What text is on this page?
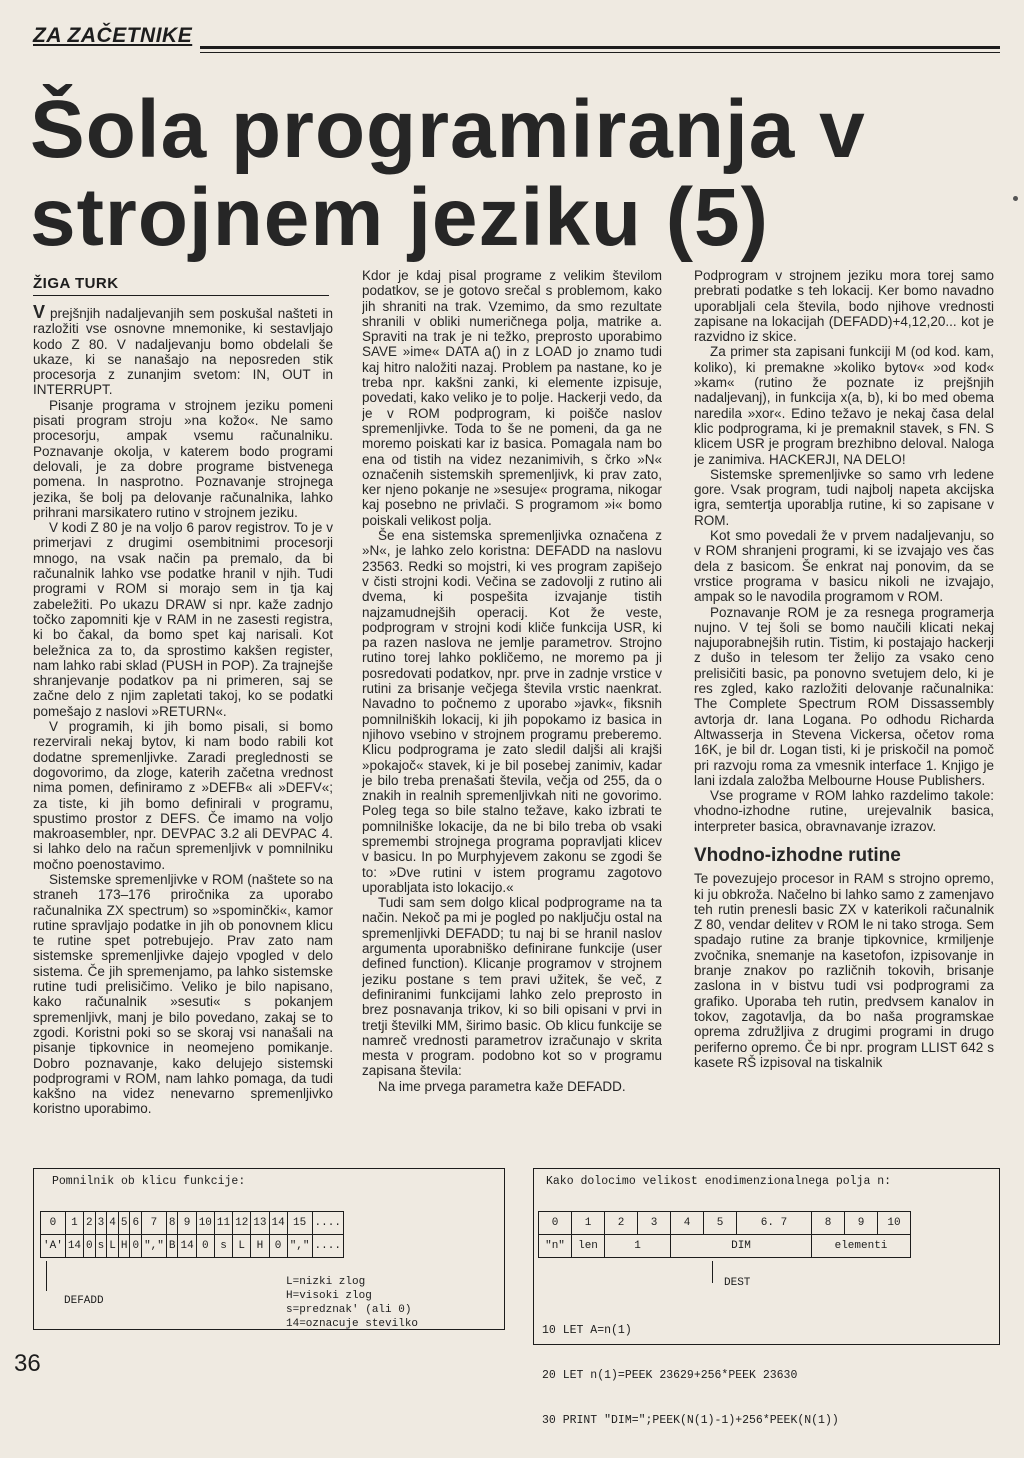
ZA ZAČETNIKE
Šola programiranja v
strojnem jeziku (5)
ŽIGA TURK

V prejšnjih nadaljevanjih sem poskušal našteti in razložiti vse osnovne mnemonike, ki sestavljajo kodo Z 80. V nadaljevanju bomo obdelali še ukaze, ki se nanašajo na neposreden stik procesorja z zunanjim svetom: IN, OUT in INTERRUPT.

Pisanje programa v strojnem jeziku pomeni pisati program stroju »na kožo«. Ne samo procesorju, ampak vsemu računalniku. Poznavanje okolja, v katerem bodo programi delovali, je za dobre programe bistvenega pomena. In nasprotno. Poznavanje strojnega jezika, še bolj pa delovanje računalnika, lahko prihrani marsikatero rutino v strojnem jeziku.

V kodi Z 80 je na voljo 6 parov registrov. To je v primerjavi z drugimi osembitnimi procesorji mnogo, na vsak način pa premalo, da bi računalnik lahko vse podatke hranil v njih. Tudi programi v ROM si morajo sem in tja kaj zabeležiti. Po ukazu DRAW si npr. kaže zadnjo točko zapomniti kje v RAM in ne zasesti registra, ki bo čakal, da bomo spet kaj narisali. Kot beležnica za to, da sprostimo kakšen register, nam lahko rabi sklad (PUSH in POP). Za trajnejše shranjevanje podatkov pa ni primeren, saj se začne delo z njim zapletati takoj, ko se podatki pomešajo z naslovi »RETURN«.

V programih, ki jih bomo pisali, si bomo rezervirali nekaj bytov, ki nam bodo rabili kot dodatne spremenljivke. Zaradi preglednosti se dogovorimo, da zloge, katerih začetna vrednost nima pomen, definiramo z »DEFB« ali »DEFV«; za tiste, ki jih bomo definirali v programu, spustimo prostor z DEFS. Če imamo na voljo makroasembler, npr. DEVPAC 3.2 ali DEVPAC 4. si lahko delo na račun spremenljivk v pomnilniku močno poenostavimo.

Sistemske spremenljivke v ROM (naštete so na straneh 173–176 priročnika za uporabo računalnika ZX spectrum) so »spominčki«, kamor rutine spravljajo podatke in jih ob ponovnem klicu te rutine spet potrebujejo. Prav zato nam sistemske spremenljivke dajejo vpogled v delo sistema. Če jih spremenjamo, pa lahko sistemske rutine tudi prelisičimo. Veliko je bilo napisano, kako računalnik »sesuti« s pokanjem spremenljivk, manj je bilo povedano, zakaj se to zgodi. Koristni poki so se skoraj vsi nanašali na pisanje tipkovnice in neomejeno pomikanje. Dobro poznavanje, kako delujejo sistemski podprogrami v ROM, nam lahko pomaga, da tudi kakšno na videz nenevarno spremenljivko koristno uporabimo.

Kdor je kdaj pisal programe z velikim številom podatkov, se je gotovo srečal s problemom, kako jih shraniti na trak. Vzemimo, da smo rezultate shranili v obliki numeričnega polja, matrike a. Spraviti na trak je ni težko, preprosto uporabimo SAVE »ime« DATA a() in z LOAD jo znamo tudi kaj hitro naložiti nazaj. Problem pa nastane, ko je treba npr. kakšni zanki, ki elemente izpisuje, povedati, kako veliko je to polje. Hackerji vedo, da je v ROM podprogram, ki poišče naslov spremenljivke. Toda to še ne pomeni, da ga ne moremo poiskati kar iz basica. Pomagala nam bo ena od tistih na videz nezanimivih, s črko »N« označenih sistemskih spremenljivk, ki prav zato, ker njeno pokanje ne »sesuje« programa, nikogar kaj posebno ne privlači. S programom »i« bomo poiskali velikost polja.

Še ena sistemska spremenljivka označena z »N«, je lahko zelo koristna: DEFADD na naslovu 23563. Redki so mojstri, ki ves program zapišejo v čisti strojni kodi. Večina se zadovolji z rutino ali dvema, ki pospešita izvajanje tistih najzamudnejših operacij. Kot že veste, podprogram v strojni kodi kliče funkcija USR, ki pa razen naslova ne jemlje parametrov. Strojno rutino torej lahko pokličemo, ne moremo pa ji posredovati podatkov, npr. prve in zadnje vrstice v rutini za brisanje večjega števila vrstic naenkrat. Navadno to počnemo z uporabo »javk«, fiksnih pomnilniških lokacij, ki jih popokamo iz basica in njihovo vsebino v strojnem programu preberemo. Klicu podprograma je zato sledil daljši ali krajši »pokajoč« stavek, ki je bil posebej zanimiv, kadar je bilo treba prenašati števila, večja od 255, da o znakih in realnih spremenljivkah niti ne govorimo. Poleg tega so bile stalno težave, kako izbrati te pomnilniške lokacije, da ne bi bilo treba ob vsaki spremembi strojnega programa popravljati klicev v basicu. In po Murphyjevem zakonu se zgodi še to: »Dve rutini v istem programu zagotovo uporabljata isto lokacijo.«

Tudi sam sem dolgo klical podprograme na ta način. Nekoč pa mi je pogled po naključju ostal na spremenljivki DEFADD; tu naj bi se hranil naslov argumenta uporabniško definirane funkcije (user defined function). Klicanje programov v strojnem jeziku postane s tem pravi užitek, še več, z definiranimi funkcijami lahko zelo preprosto in brez posnavanja trikov, ki so bili opisani v prvi in tretji številki MM, širimo basic. Ob klicu funkcije se namreč vrednosti parametrov izračunajo v skrita mesta v program. podobno kot so v programu zapisana števila:

Na ime prvega parametra kaže DEFADD.

Podprogram v strojnem jeziku mora torej samo prebrati podatke s teh lokacij. Ker bomo navadno uporabljali cela števila, bodo njihove vrednosti zapisane na lokacijah (DEFADD)+4,12,20... kot je razvidno iz skice.

Za primer sta zapisani funkciji M (od kod. kam, koliko), ki premakne »koliko bytov« »od kod« »kam« (rutino že poznate iz prejšnjih nadaljevanj), in funkcija x(a, b), ki bo med obema naredila »xor«. Edino težavo je nekaj časa delal klic podprograma, ki je premaknil stavek, s FN. S klicem USR je program brezhibno deloval. Naloga je zanimiva. HACKERJI, NA DELO!

Sistemske spremenljivke so samo vrh ledene gore. Vsak program, tudi najbolj napeta akcijska igra, semtertja uporablja rutine, ki so zapisane v ROM.

Kot smo povedali že v prvem nadaljevanju, so v ROM shranjeni programi, ki se izvajajo ves čas dela z basicom. Še enkrat naj ponovim, da se vrstice programa v basicu nikoli ne izvajajo, ampak so le navodila programom v ROM.

Poznavanje ROM je za resnega programerja nujno. V tej šoli se bomo naučili klicati nekaj najuporabnejših rutin. Tistim, ki postajajo hackerji z dušo in telesom ter želijo za vsako ceno prelisičiti basic, pa ponovno svetujem delo, ki je res zgled, kako razložiti delovanje računalnika: The Complete Spectrum ROM Dissassembly avtorja dr. Iana Logana. Po odhodu Richarda Altwasserja in Stevena Vickersa, očetov roma 16K, je bil dr. Logan tisti, ki je priskočil na pomoč pri razvoju roma za vmesnik interface 1. Knjigo je lani izdala založba Melbourne House Publishers.

Vse programe v ROM lahko razdelimo takole: vhodno-izhodne rutine, urejevalnik basica, interpreter basica, obravnavanje izrazov.

Vhodno-izhodne rutine

Te povezujejo procesor in RAM s strojno opremo, ki ju obkroža. Načelno bi lahko samo z zamenjavo teh rutin prenesli basic ZX v katerikoli računalnik Z 80, vendar delitev v ROM le ni tako stroga. Sem spadajo rutine za branje tipkovnice, krmiljenje zvočnika, snemanje na kasetofon, izpisovanje in branje znakov po različnih tokovih, brisanje zaslona in v bistvu tudi vsi podprogrami za grafiko. Uporaba teh rutin, predvsem kanalov in tokov, zagotavlja, da bo naša programskae oprema združljiva z drugimi programi in drugo periferno opremo. Če bi npr. program LLIST 642 s kasete RŠ izpisoval na tiskalnik

Pomnilnik ob klicu funkcije:
0	1	2	3	4	5	6	7	8	9	10	11	12	13	14	15	....
'A'	14	0	s	L	H	0	","	B	14	0	s	L	H	0	","	....
DEFADD
L=nizki zlog
H=visoki zlog
s=predznak' (ali 0)
14=oznacuje stevilko
Kako dolocimo velikost enodimenzionalnega polja n:
0	1	2	3	4	5	6. 7	8	9	10
"n"	len	1		DIM			elementi		
DEST

10 LET A=n(1)

20 LET n(1)=PEEK 23629+256*PEEK 23630

30 PRINT "DIM=";PEEK(N(1)-1)+256*PEEK(N(1))

36
